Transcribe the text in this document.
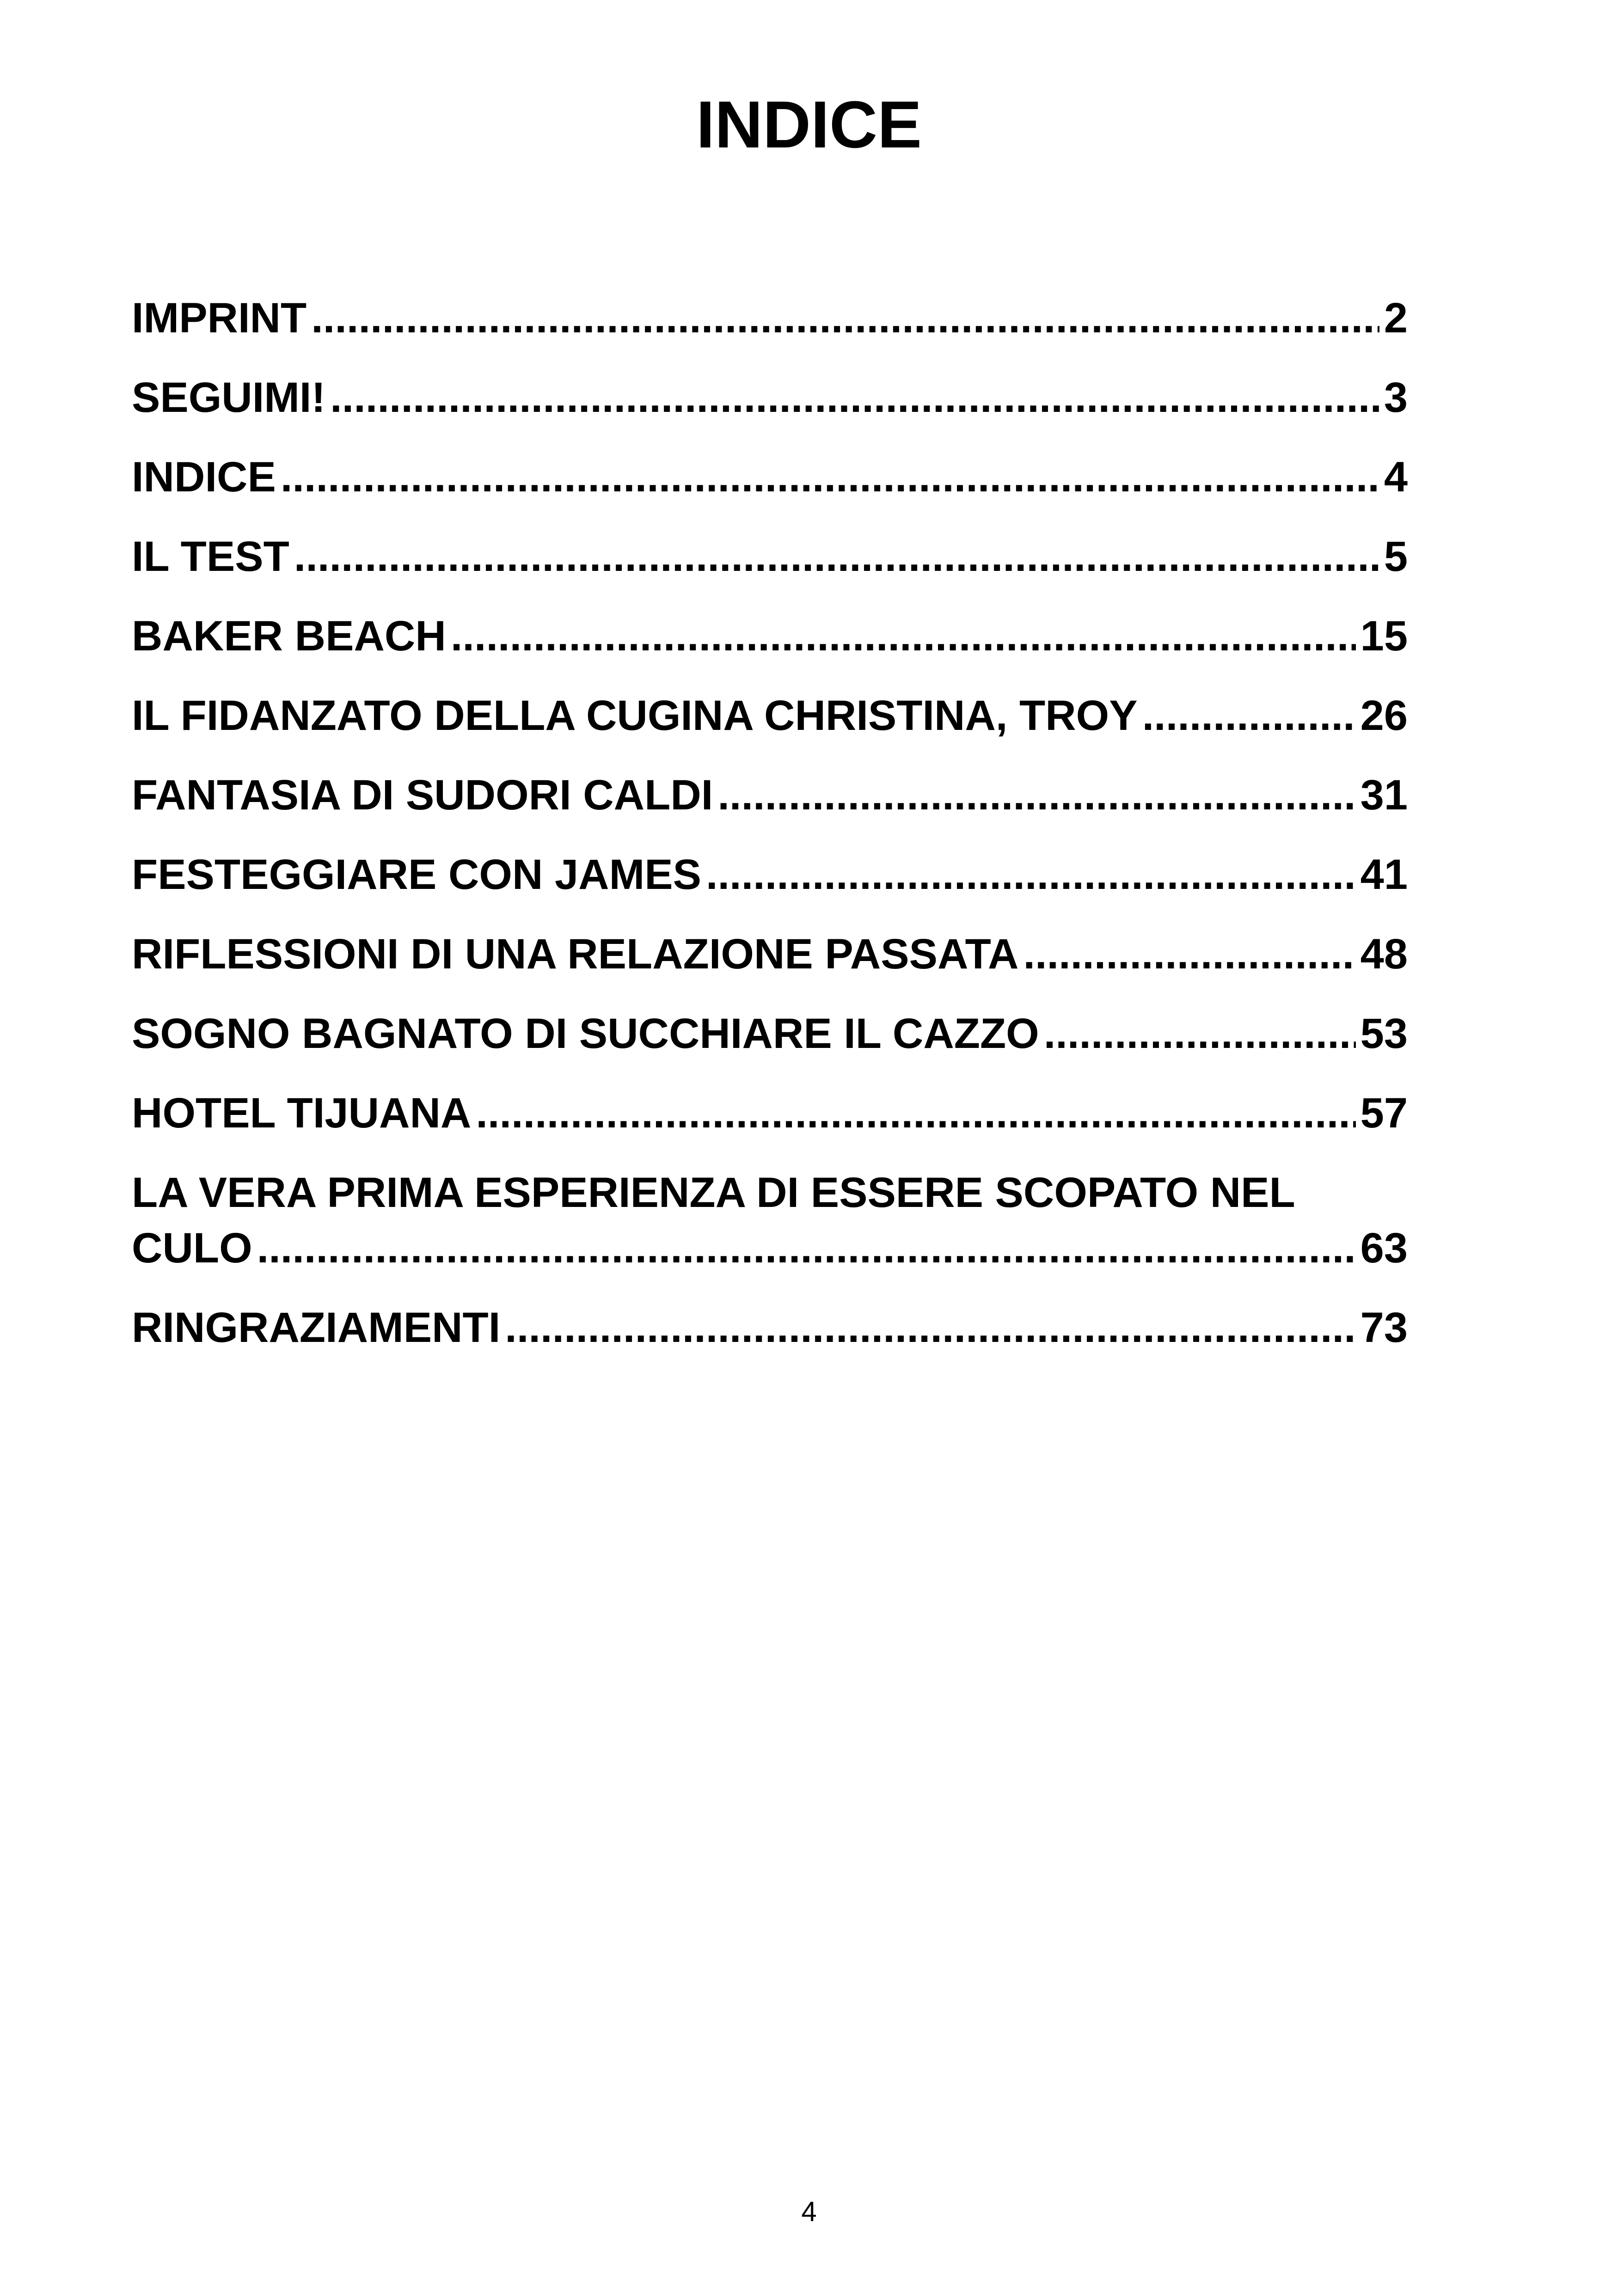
INDICE
IMPRINT .....	2
SEGUIMI! .....	3
INDICE .....	4
IL TEST .....	5
BAKER BEACH .....	15
IL FIDANZATO DELLA CUGINA CHRISTINA, TROY .....	26
FANTASIA DI SUDORI CALDI .....	31
FESTEGGIARE CON JAMES .....	41
RIFLESSIONI DI UNA RELAZIONE PASSATA .....	48
SOGNO BAGNATO DI SUCCHIARE IL CAZZO .....	53
HOTEL TIJUANA .....	57
LA VERA PRIMA ESPERIENZA DI ESSERE SCOPATO NEL
CULO .....	63
RINGRAZIAMENTI .....	73
4
